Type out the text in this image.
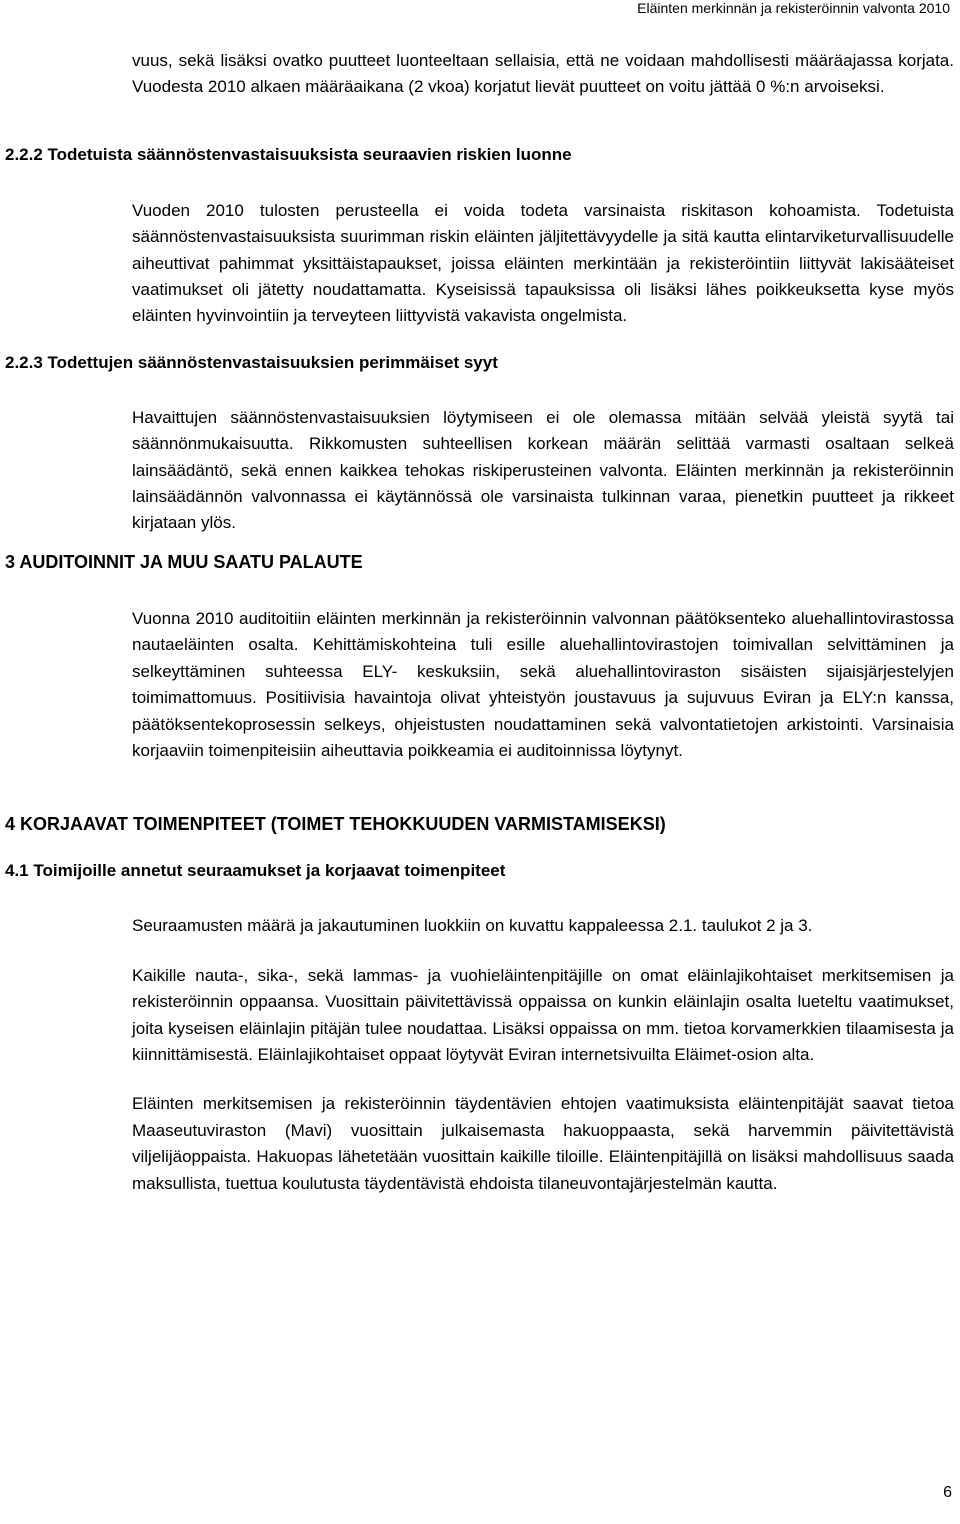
Eläinten merkinnän ja rekisteröinnin valvonta 2010

vuus, sekä lisäksi ovatko puutteet luonteeltaan sellaisia, että ne voidaan mahdollisesti määräajassa korjata. Vuodesta 2010 alkaen määräaikana (2 vkoa) korjatut lievät puutteet on voitu jättää 0 %:n arvoiseksi.

2.2.2 Todetuista säännöstenvastaisuuksista seuraavien riskien luonne

Vuoden 2010 tulosten perusteella ei voida todeta varsinaista riskitason kohoamista. Todetuista säännöstenvastaisuuksista suurimman riskin eläinten jäljitettävyydelle ja sitä kautta elintarviketurvallisuudelle aiheuttivat pahimmat yksittäistapaukset, joissa eläinten merkintään ja rekisteröintiin liittyvät lakisääteiset vaatimukset oli jätetty noudattamatta. Kyseisissä tapauksissa oli lisäksi lähes poikkeuksetta kyse myös eläinten hyvinvointiin ja terveyteen liittyvistä vakavista ongelmista.

2.2.3 Todettujen säännöstenvastaisuuksien perimmäiset syyt

Havaittujen säännöstenvastaisuuksien löytymiseen ei ole olemassa mitään selvää yleistä syytä tai säännönmukaisuutta. Rikkomusten suhteellisen korkean määrän selittää varmasti osaltaan selkeä lainsäädäntö, sekä ennen kaikkea tehokas riskiperusteinen valvonta. Eläinten merkinnän ja rekisteröinnin lainsäädännön valvonnassa ei käytännössä ole varsinaista tulkinnan varaa, pienetkin puutteet ja rikkeet kirjataan ylös.

3 AUDITOINNIT JA MUU SAATU PALAUTE

Vuonna 2010 auditoitiin eläinten merkinnän ja rekisteröinnin valvonnan päätöksenteko aluehallintovirastossa nautaeläinten osalta. Kehittämiskohteina tuli esille aluehallintovirastojen toimivallan selvittäminen ja selkeyttäminen suhteessa ELY- keskuksiin, sekä aluehallintoviraston sisäisten sijaisjärjestelyjen toimimattomuus. Positiivisia havaintoja olivat yhteistyön joustavuus ja sujuvuus Eviran ja ELY:n kanssa, päätöksentekoprosessin selkeys, ohjeistusten noudattaminen sekä valvontatietojen arkistointi. Varsinaisia korjaaviin toimenpiteisiin aiheuttavia poikkeamia ei auditoinnissa löytynyt.

4 KORJAAVAT TOIMENPITEET (TOIMET TEHOKKUUDEN VARMISTAMISEKSI)
4.1 Toimijoille annetut seuraamukset ja korjaavat toimenpiteet

Seuraamusten määrä ja jakautuminen luokkiin on kuvattu kappaleessa 2.1. taulukot 2 ja 3.

Kaikille nauta-, sika-, sekä lammas- ja vuohieläintenpitäjille on omat eläinlajikohtaiset merkitsemisen ja rekisteröinnin oppaansa. Vuosittain päivitettävissä oppaissa on kunkin eläinlajin osalta lueteltu vaatimukset, joita kyseisen eläinlajin pitäjän tulee noudattaa. Lisäksi oppaissa on mm. tietoa korvamerkkien tilaamisesta ja kiinnittämisestä. Eläinlajikohtaiset oppaat löytyvät Eviran internetsivuilta Eläimet-osion alta.

Eläinten merkitsemisen ja rekisteröinnin täydentävien ehtojen vaatimuksista eläintenpitäjät saavat tietoa Maaseutuviraston (Mavi) vuosittain julkaisemasta hakuoppaasta, sekä harvemmin päivitettävistä viljelijäoppaista. Hakuopas lähetetään vuosittain kaikille tiloille. Eläintenpitäjillä on lisäksi mahdollisuus saada maksullista, tuettua koulutusta täydentävistä ehdoista tilaneuvontajärjestelmän kautta.

6
